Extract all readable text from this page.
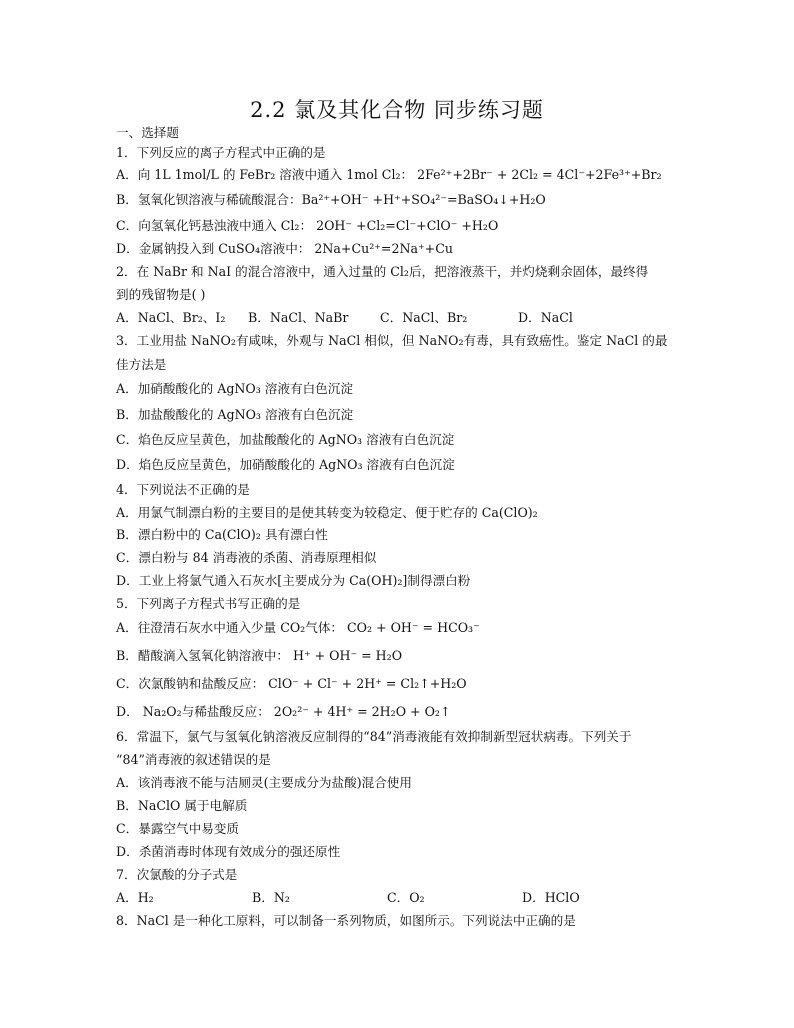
2.2 氯及其化合物 同步练习题
一、选择题
1．下列反应的离子方程式中正确的是
A．向 1L 1mol/L 的 FeBr₂ 溶液中通入 1mol Cl₂： 2Fe²⁺+2Br⁻ + 2Cl₂ = 4Cl⁻+2Fe³⁺+Br₂
B．氢氧化钡溶液与稀硫酸混合：Ba²⁺+OH⁻ +H⁺+SO₄²⁻=BaSO₄↓+H₂O
C．向氢氧化钙悬浊液中通入 Cl₂： 2OH⁻ +Cl₂=Cl⁻+ClO⁻ +H₂O
D．金属钠投入到 CuSO₄溶液中： 2Na+Cu²⁺=2Na⁺+Cu
2．在 NaBr 和 NaI 的混合溶液中，通入过量的 Cl₂后，把溶液蒸干，并灼烧剩余固体，最终得
到的残留物是( )
A．NaCl、Br₂、I₂ B．NaCl、NaBr	C．NaCl、Br₂	D．NaCl
3．工业用盐 NaNO₂有咸味，外观与 NaCl 相似，但 NaNO₂有毒，具有致癌性。鉴定 NaCl 的最
佳方法是
A．加硝酸酸化的 AgNO₃ 溶液有白色沉淀
B．加盐酸酸化的 AgNO₃ 溶液有白色沉淀
C．焰色反应呈黄色，加盐酸酸化的 AgNO₃ 溶液有白色沉淀
D．焰色反应呈黄色，加硝酸酸化的 AgNO₃ 溶液有白色沉淀
4．下列说法不正确的是
A．用氯气制漂白粉的主要目的是使其转变为较稳定、便于贮存的 Ca(ClO)₂
B．漂白粉中的 Ca(ClO)₂ 具有漂白性
C．漂白粉与 84 消毒液的杀菌、消毒原理相似
D．工业上将氯气通入石灰水[主要成分为 Ca(OH)₂]制得漂白粉
5．下列离子方程式书写正确的是
A．往澄清石灰水中通入少量 CO₂气体： CO₂ + OH⁻ = HCO₃⁻
B．醋酸滴入氢氧化钠溶液中： H⁺ + OH⁻ = H₂O
C．次氯酸钠和盐酸反应： ClO⁻ + Cl⁻ + 2H⁺ = Cl₂↑+H₂O
D． Na₂O₂与稀盐酸反应： 2O₂²⁻ + 4H⁺ = 2H₂O + O₂↑
6．常温下，氯气与氢氧化钠溶液反应制得的“84”消毒液能有效抑制新型冠状病毒。下列关于
“84”消毒液的叙述错误的是
A．该消毒液不能与洁厕灵(主要成分为盐酸)混合使用
B．NaClO 属于电解质
C．暴露空气中易变质
D．杀菌消毒时体现有效成分的强还原性
7．次氯酸的分子式是
A．H₂	B．N₂	C．O₂	D．HClO
8．NaCl 是一种化工原料，可以制备一系列物质，如图所示。下列说法中正确的是
